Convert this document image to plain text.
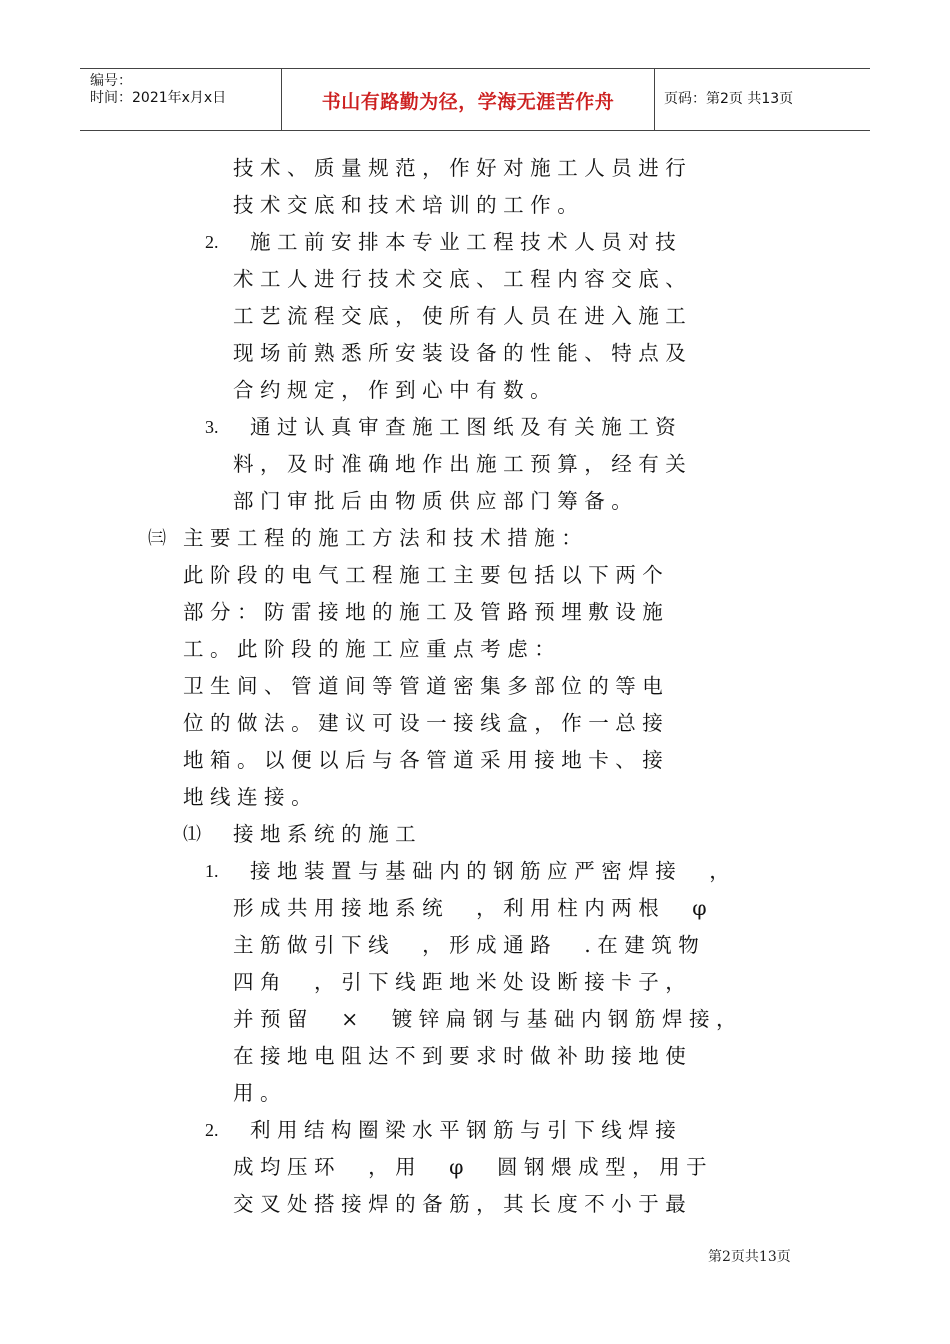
编号：
时间：2021年x月x日	书山有路勤为径，学海无涯苦作舟	页码：第2页 共13页
技 术 、 质 量 规 范 ， 作 好 对 施 工 人 员 进 行
技 术 交 底 和 技 术 培 训 的 工 作 。
2. 施 工 前 安 排 本 专 业 工 程 技 术 人 员 对 技
术 工 人 进 行 技 术 交 底 、 工 程 内 容 交 底 、
工 艺 流 程 交 底 ， 使 所 有 人 员 在 进 入 施 工
现 场 前 熟 悉 所 安 装 设 备 的 性 能 、 特 点 及
合 约 规 定 ， 作 到 心 中 有 数 。
3. 通 过 认 真 审 查 施 工 图 纸 及 有 关 施 工 资
料 ， 及 时 准 确 地 作 出 施 工 预 算 ， 经 有 关
部 门 审 批 后 由 物 质 供 应 部 门 筹 备 。
㈢ 主 要 工 程 的 施 工 方 法 和 技 术 措 施 ：
此 阶 段 的 电 气 工 程 施 工 主 要 包 括 以 下 两 个
部 分 ： 防 雷 接 地 的 施 工 及 管 路 预 埋 敷 设 施
工 。 此 阶 段 的 施 工 应 重 点 考 虑 ：
卫 生 间 、 管 道 间 等 管 道 密 集 多 部 位 的 等 电
位 的 做 法 。 建 议 可 设 一 接 线 盒 ， 作 一 总 接
地 箱 。 以 便 以 后 与 各 管 道 采 用 接 地 卡 、 接
地 线 连 接 。
⑴ 接 地 系 统 的 施 工
1. 接 地 装 置 与 基 础 内 的 钢 筋 应 严 密 焊 接 　 ，
形 成 共 用 接 地 系 统 　 ， 利 用 柱 内 两 根 　 φ
主 筋 做 引 下 线 　 ， 形 成 通 路 　 . 在 建 筑 物
四 角 　 ， 引 下 线 距 地 米 处 设 断 接 卡 子 ，
并 预 留 　 × 　 镀 锌 扁 钢 与 基 础 内 钢 筋 焊 接 ，
在 接 地 电 阻 达 不 到 要 求 时 做 补 助 接 地 使
用 。
2. 利 用 结 构 圈 梁 水 平 钢 筋 与 引 下 线 焊 接
成 均 压 环 　 ， 用 　 φ 　 圆 钢 煨 成 型 ， 用 于
交 叉 处 搭 接 焊 的 备 筋 ， 其 长 度 不 小 于 最
第2页共13页
